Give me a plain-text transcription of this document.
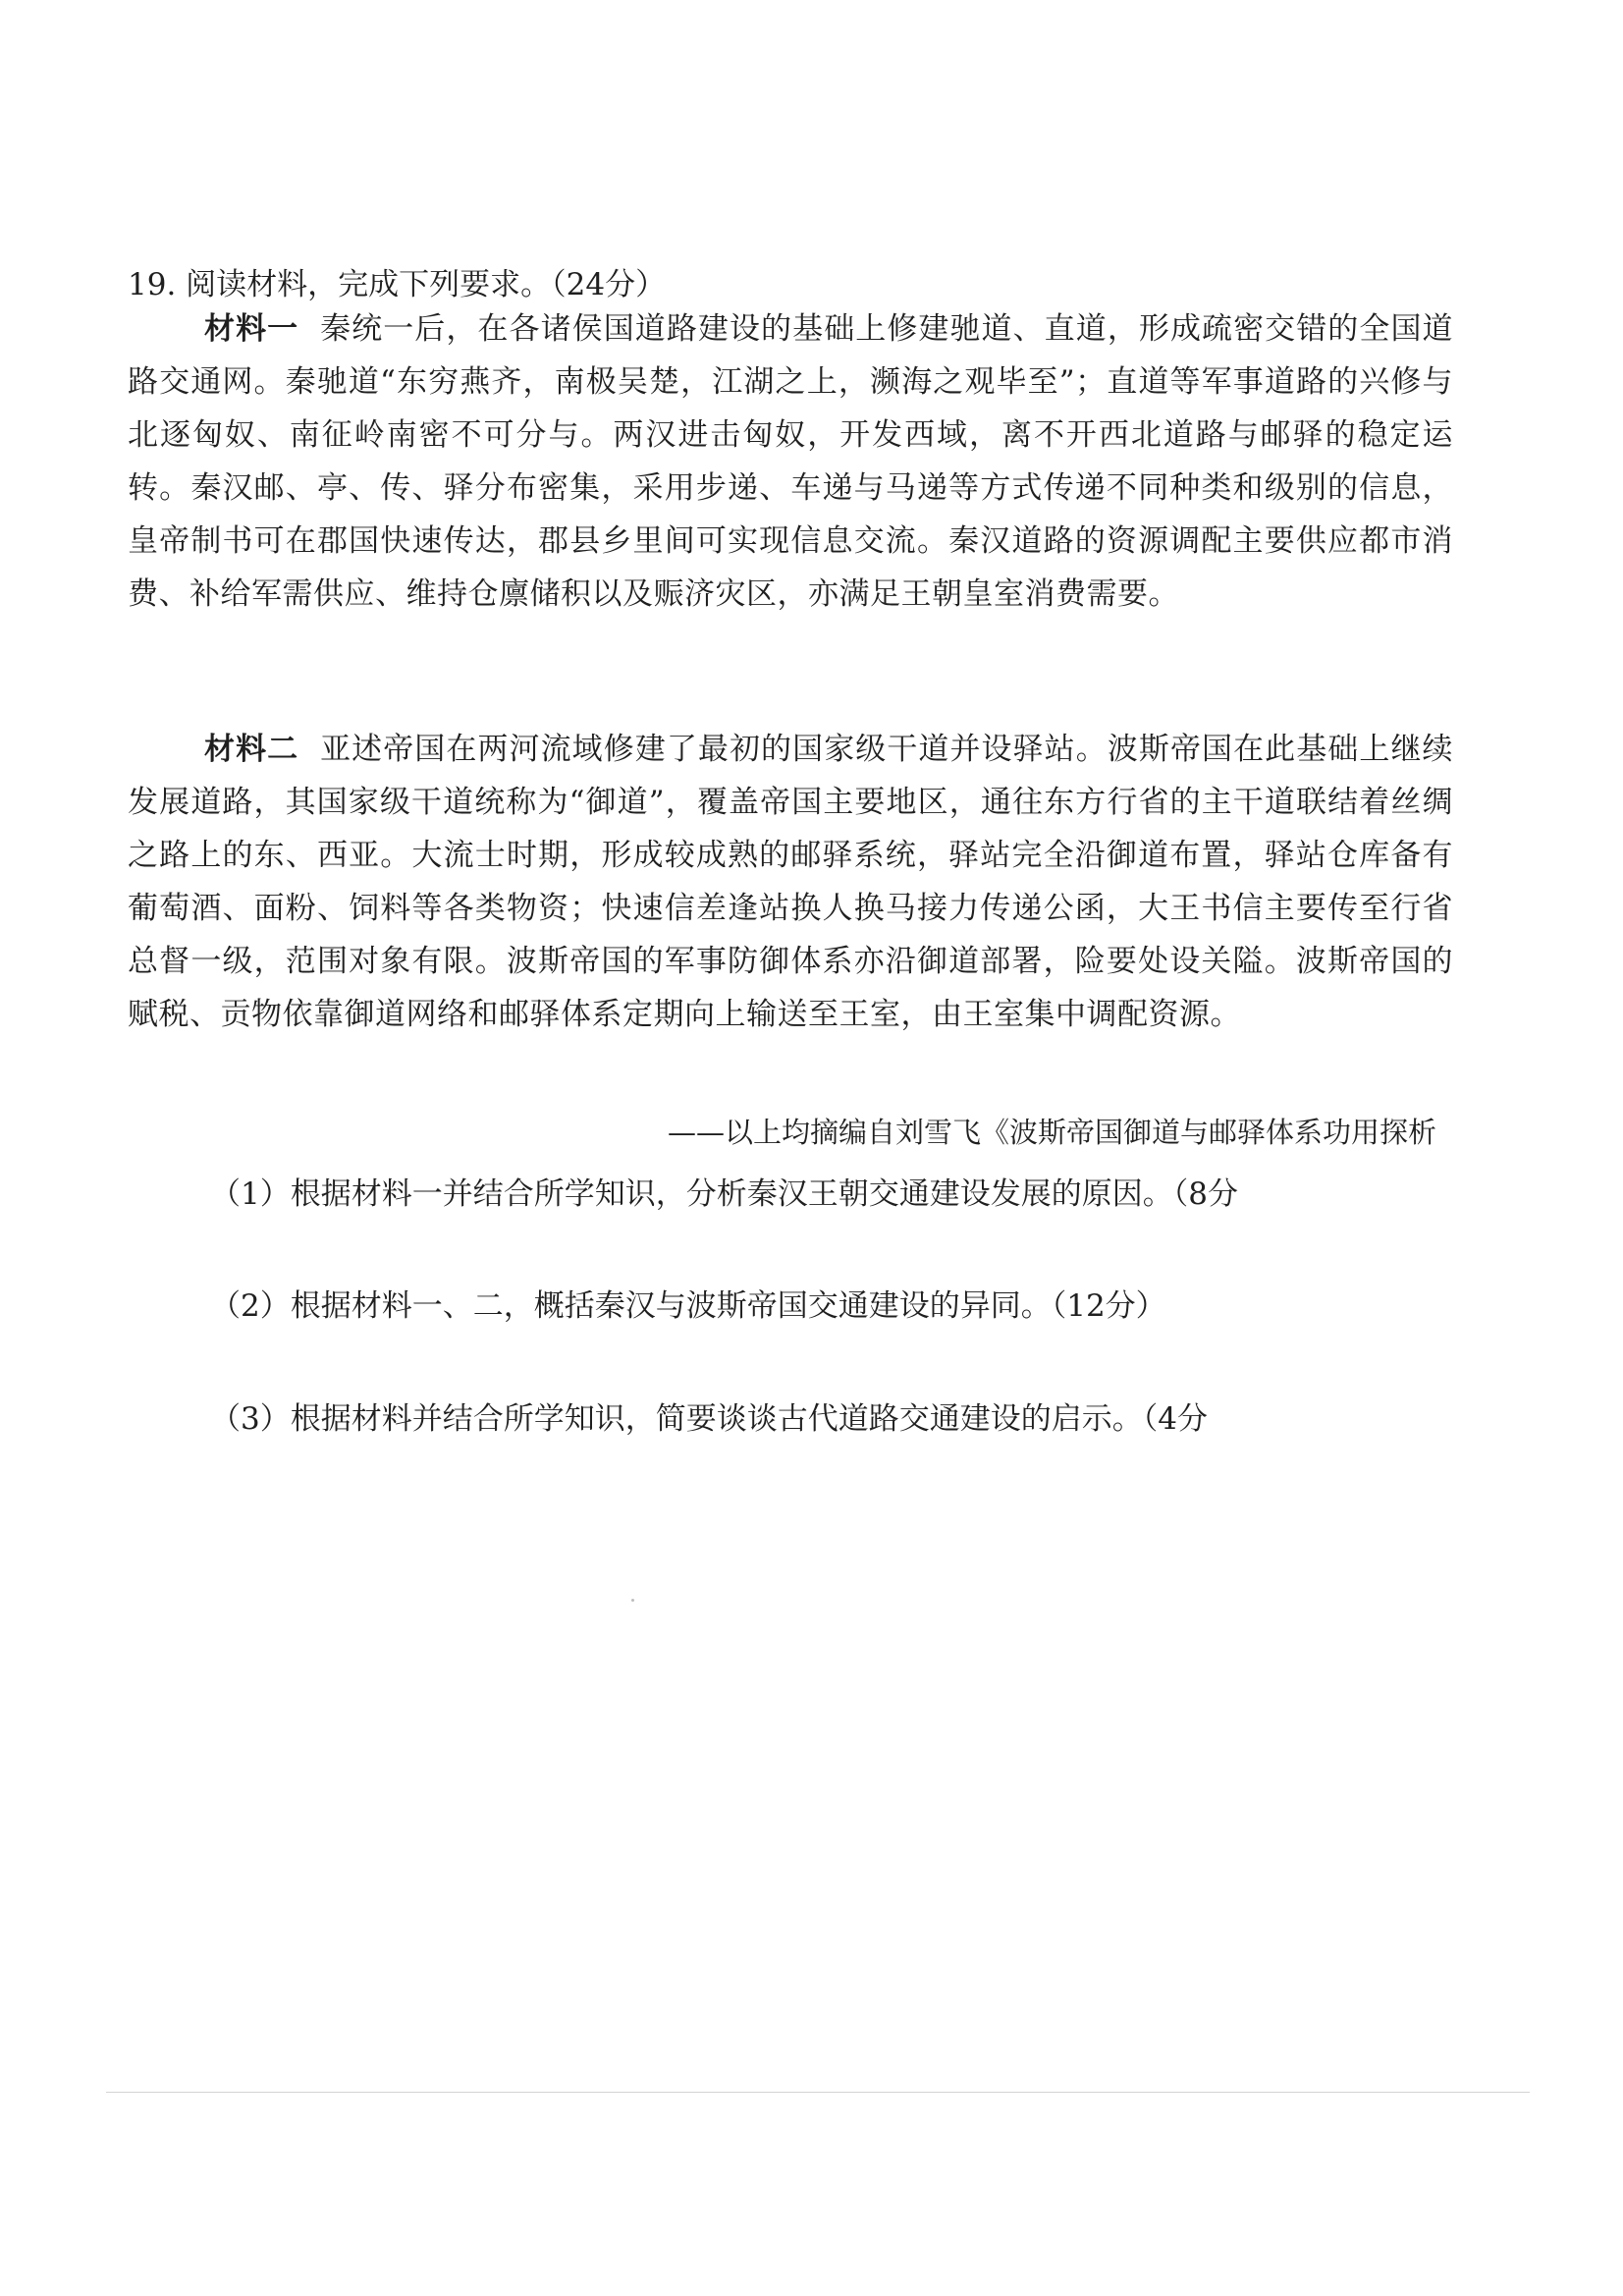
19. 阅读材料，完成下列要求。（24分）
材料一 秦统一后，在各诸侯国道路建设的基础上修建驰道、直道，形成疏密交错的全国道路交通网。秦驰道“东穷燕齐，南极吴楚，江湖之上，濒海之观毕至”；直道等军事道路的兴修与北逐匈奴、南征岭南密不可分与。两汉进击匈奴，开发西域，离不开西北道路与邮驿的稳定运转。秦汉邮、亭、传、驿分布密集，采用步递、车递与马递等方式传递不同种类和级别的信息，皇帝制书可在郡国快速传达，郡县乡里间可实现信息交流。秦汉道路的资源调配主要供应都市消费、补给军需供应、维持仓廪储积以及赈济灾区，亦满足王朝皇室消费需要。
材料二 亚述帝国在两河流域修建了最初的国家级干道并设驿站。波斯帝国在此基础上继续发展道路，其国家级干道统称为“御道”，覆盖帝国主要地区，通往东方行省的主干道联结着丝绸之路上的东、西亚。大流士时期，形成较成熟的邮驿系统，驿站完全沿御道布置，驿站仓库备有葡萄酒、面粉、饲料等各类物资；快速信差逢站换人换马接力传递公函，大王书信主要传至行省总督一级，范围对象有限。波斯帝国的军事防御体系亦沿御道部署，险要处设关隘。波斯帝国的赋税、贡物依靠御道网络和邮驿体系定期向上输送至王室，由王室集中调配资源。
——以上均摘编自刘雪飞《波斯帝国御道与邮驿体系功用探析
（1）根据材料一并结合所学知识，分析秦汉王朝交通建设发展的原因。（8分
（2）根据材料一、二，概括秦汉与波斯帝国交通建设的异同。（12分）
（3）根据材料并结合所学知识，简要谈谈古代道路交通建设的启示。（4分
